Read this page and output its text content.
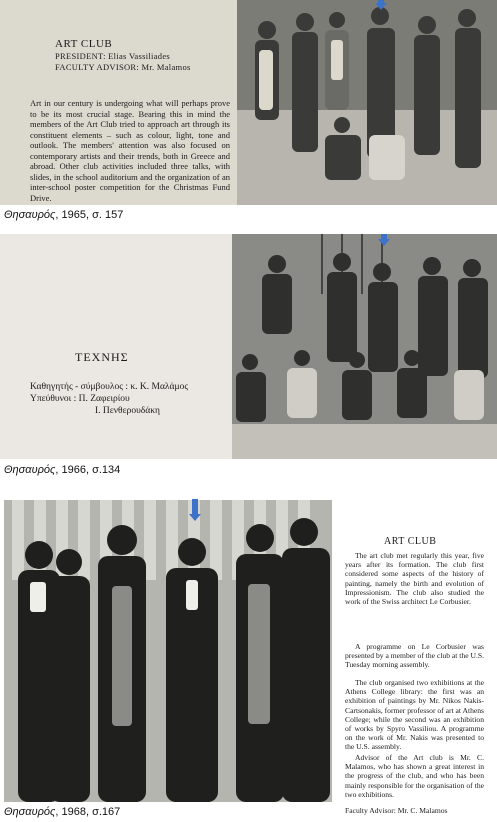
ART CLUB
PRESIDENT: Elias Vassiliades
FACULTY ADVISOR: Mr. Malamos
Art in our century is undergoing what will perhaps prove to be its most crucial stage. Bearing this in mind the members of the Art Club tried to approach art through its constituent elements – such as colour, light, tone and outlook. The members' attention was also focused on contemporary artists and their trends, both in Greece and abroad. Other club activities included three talks, with slides, in the school auditorium and the organization of an inter-school poster competition for the Christmas Fund Drive.
Θησαυρός, 1965, σ. 157
ΤΕΧΝΗΣ
Καθηγητής - σύμβουλος : κ. Κ. Μαλάμος
Υπεύθυνοι : Π. Ζαφειρίου
Ι. Πενθερουδάκη
Θησαυρός, 1966, σ.134
ART CLUB
The art club met regularly this year, five years after its formation. The club first considered some aspects of the history of painting, namely the birth and evolution of Impressionism. The club also studied the work of the Swiss architect Le Corbusier.
A programme on Le Corbusier was presented by a member of the club at the U.S. Tuesday morning assembly.
The club organised two exhibitions at the Athens College library: the first was an exhibition of paintings by Mr. Nikos Nakis-Cartsonakis, former professor of art at Athens College; while the second was an exhibition of works by Spyro Vassiliou. A programme on the work of Mr. Nakis was presented to the U.S. assembly.
Advisor of the Art club is Mr. C. Malamos, who has shown a great interest in the progress of the club, and who has been mainly responsible for the organisation of the two exhibitions.
Faculty Advisor: Mr. C. Malamos
Θησαυρός, 1968, σ.167
